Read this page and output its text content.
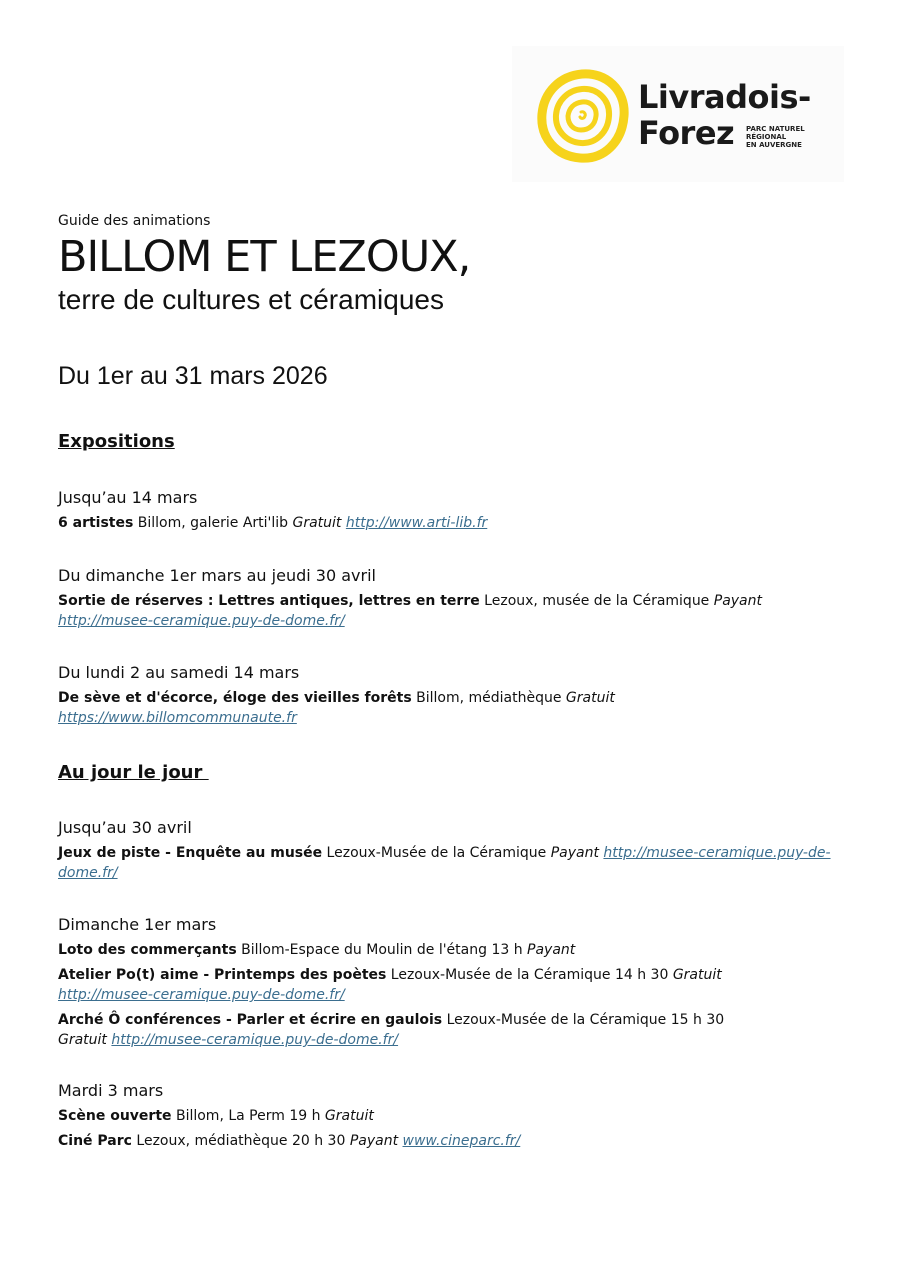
Livradois-
Forez PARC NATUREL
RÉGIONAL
EN AUVERGNE
Guide des animations
BILLOM ET LEZOUX,
terre de cultures et céramiques
Du 1er au 31 mars 2026
Expositions
Jusqu’au 14 mars
6 artistes Billom, galerie Arti'lib Gratuit http://www.arti-lib.fr
Du dimanche 1er mars au jeudi 30 avril
Sortie de réserves : Lettres antiques, lettres en terre Lezoux, musée de la Céramique Payant
http://musee-ceramique.puy-de-dome.fr/
Du lundi 2 au samedi 14 mars
De sève et d'écorce, éloge des vieilles forêts Billom, médiathèque Gratuit
https://www.billomcommunaute.fr
Au jour le jour
Jusqu’au 30 avril
Jeux de piste - Enquête au musée Lezoux-Musée de la Céramique Payant http://musee-ceramique.puy-de-dome.fr/
Dimanche 1er mars
Loto des commerçants Billom-Espace du Moulin de l'étang 13 h Payant
Atelier Po(t) aime - Printemps des poètes Lezoux-Musée de la Céramique 14 h 30 Gratuit
http://musee-ceramique.puy-de-dome.fr/
Arché Ô conférences - Parler et écrire en gaulois Lezoux-Musée de la Céramique 15 h 30
Gratuit http://musee-ceramique.puy-de-dome.fr/
Mardi 3 mars
Scène ouverte Billom, La Perm 19 h Gratuit
Ciné Parc Lezoux, médiathèque 20 h 30 Payant www.cineparc.fr/
